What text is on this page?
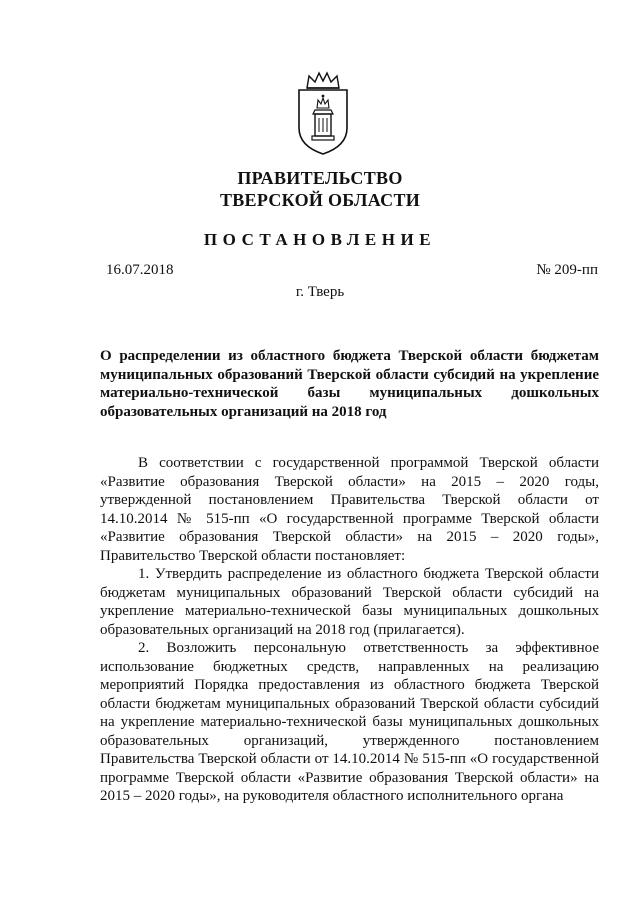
ПРАВИТЕЛЬСТВО
ТВЕРСКОЙ ОБЛАСТИ
ПОСТАНОВЛЕНИЕ
16.07.2018	№ 209-пп
г. Тверь
О распределении из областного бюджета Тверской области бюджетам муниципальных образований Тверской области субсидий на укрепление материально-технической базы муниципальных дошкольных образовательных организаций на 2018 год

В соответствии с государственной программой Тверской области «Развитие образования Тверской области» на 2015 – 2020 годы, утвержденной постановлением Правительства Тверской области от 14.10.2014 № 515-пп «О государственной программе Тверской области «Развитие образования Тверской области» на 2015 – 2020 годы», Правительство Тверской области постановляет:

1. Утвердить распределение из областного бюджета Тверской области бюджетам муниципальных образований Тверской области субсидий на укрепление материально-технической базы муниципальных дошкольных образовательных организаций на 2018 год (прилагается).

2. Возложить персональную ответственность за эффективное использование бюджетных средств, направленных на реализацию мероприятий Порядка предоставления из областного бюджета Тверской области бюджетам муниципальных образований Тверской области субсидий на укрепление материально-технической базы муниципальных дошкольных образовательных организаций, утвержденного постановлением Правительства Тверской области от 14.10.2014 № 515-пп «О государственной программе Тверской области «Развитие образования Тверской области» на 2015 – 2020 годы», на руководителя областного исполнительного органа
